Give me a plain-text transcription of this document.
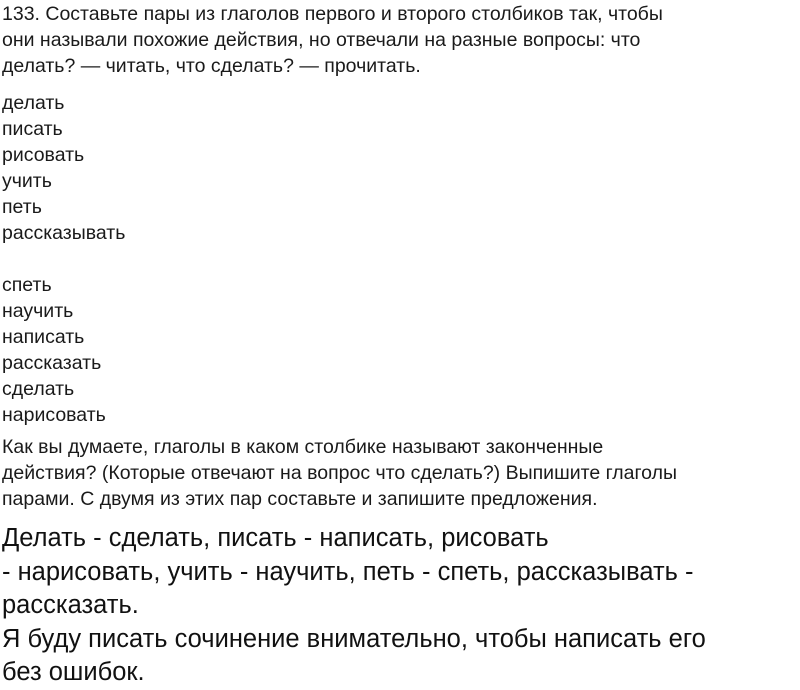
133. Составьте пары из глаголов первого и второго столбиков так, чтобы
они называли похожие действия, но отвечали на разные вопросы: что
делать? — читать, что сделать? — прочитать.
делать
писать
рисовать
учить
петь
рассказывать
спеть
научить
написать
рассказать
сделать
нарисовать
Как вы думаете, глаголы в каком столбике называют законченные
действия? (Которые отвечают на вопрос что сделать?) Выпишите глаголы
парами. С двумя из этих пар составьте и запишите предложения.

Делать - сделать, писать - написать, рисовать

- нарисовать, учить - научить, петь - спеть, рассказывать -

рассказать.

Я буду писать сочинение внимательно, чтобы написать его

без ошибок.
